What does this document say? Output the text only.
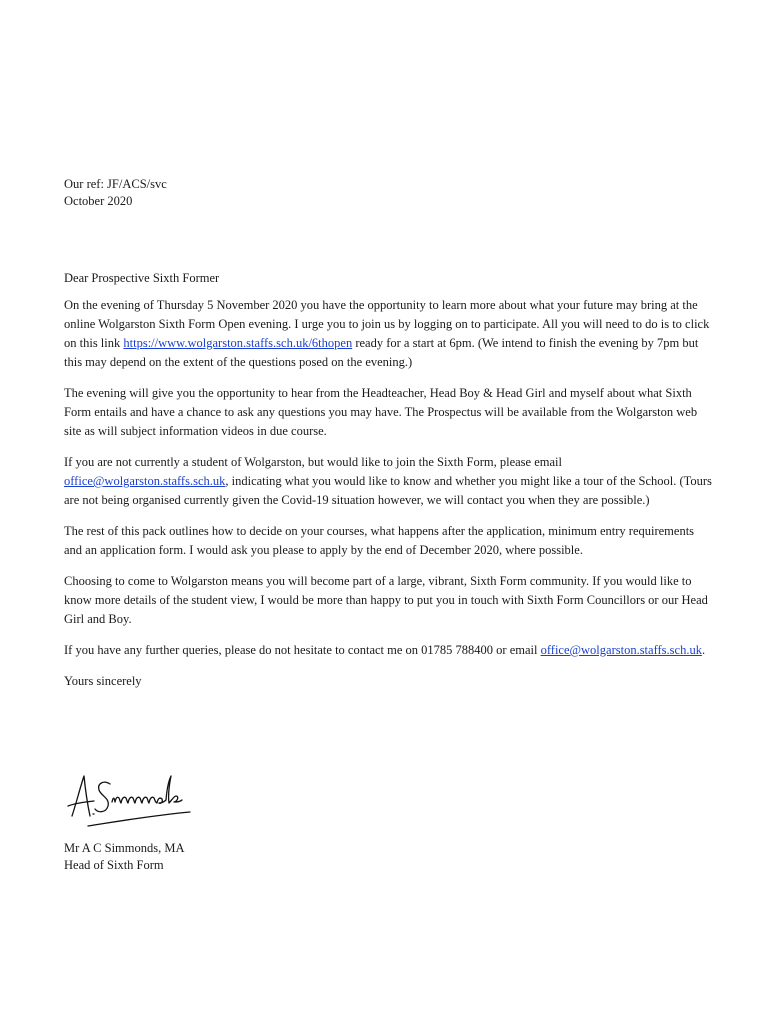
Our ref: JF/ACS/svc
October 2020

Dear Prospective Sixth Former

On the evening of Thursday 5 November 2020 you have the opportunity to learn more about what your future may bring at the online Wolgarston Sixth Form Open evening. I urge you to join us by logging on to participate. All you will need to do is to click on this link https://www.wolgarston.staffs.sch.uk/6thopen ready for a start at 6pm. (We intend to finish the evening by 7pm but this may depend on the extent of the questions posed on the evening.)

The evening will give you the opportunity to hear from the Headteacher, Head Boy & Head Girl and myself about what Sixth Form entails and have a chance to ask any questions you may have. The Prospectus will be available from the Wolgarston web site as will subject information videos in due course.

If you are not currently a student of Wolgarston, but would like to join the Sixth Form, please email office@wolgarston.staffs.sch.uk, indicating what you would like to know and whether you might like a tour of the School. (Tours are not being organised currently given the Covid-19 situation however, we will contact you when they are possible.)

The rest of this pack outlines how to decide on your courses, what happens after the application, minimum entry requirements and an application form. I would ask you please to apply by the end of December 2020, where possible.

Choosing to come to Wolgarston means you will become part of a large, vibrant, Sixth Form community. If you would like to know more details of the student view, I would be more than happy to put you in touch with Sixth Form Councillors or our Head Girl and Boy.

If you have any further queries, please do not hesitate to contact me on 01785 788400 or email office@wolgarston.staffs.sch.uk.

Yours sincerely

Mr A C Simmonds, MA
Head of Sixth Form
